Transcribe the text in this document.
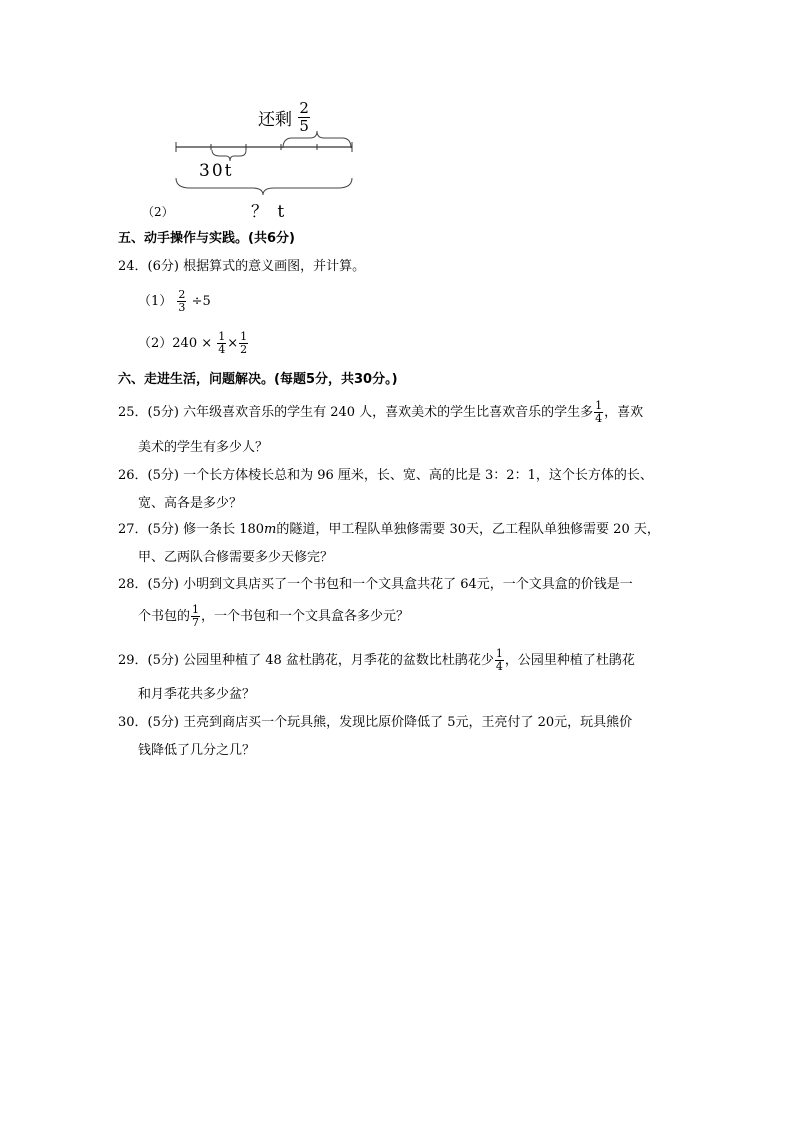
还剩 $\frac{2}{5}$
30t
？ t
（2）
五、动手操作与实践。(共6分)
24．(6分) 根据算式的意义画图，并计算。
$(1) \frac{2}{3} \div 5$
$(2)240 \times \frac{1}{4} \times \frac{1}{2}$
六、走进生活，问题解决。(每题5分，共30分。)
25．(5分) 六年级喜欢音乐的学生有 240 人，喜欢美术的学生比喜欢音乐的学生多 $\frac{1}{4}$ ，喜欢
美术的学生有多少人？
26．(5分) 一个长方体棱长总和为 96 厘米，长、宽、高的比是 3：2：1，这个长方体的长、
宽、高各是多少？
27．(5分) 修一条长 180m的隧道，甲工程队单独修需要 30天，乙工程队单独修需要 20 天，
甲、乙两队合修需要多少天修完？
28．(5分) 小明到文具店买了一个书包和一个文具盒共花了 64元，一个文具盒的价钱是一
个书包的 $\frac{1}{7}$ ，一个书包和一个文具盒各多少元？
29．(5分) 公园里种植了 48 盆杜鹃花，月季花的盆数比杜鹃花少 $\frac{1}{4}$ ，公园里种植了杜鹃花
和月季花共多少盆？
30．(5分) 王亮到商店买一个玩具熊，发现比原价降低了 5元，王亮付了 20元，玩具熊价
钱降低了几分之几？
